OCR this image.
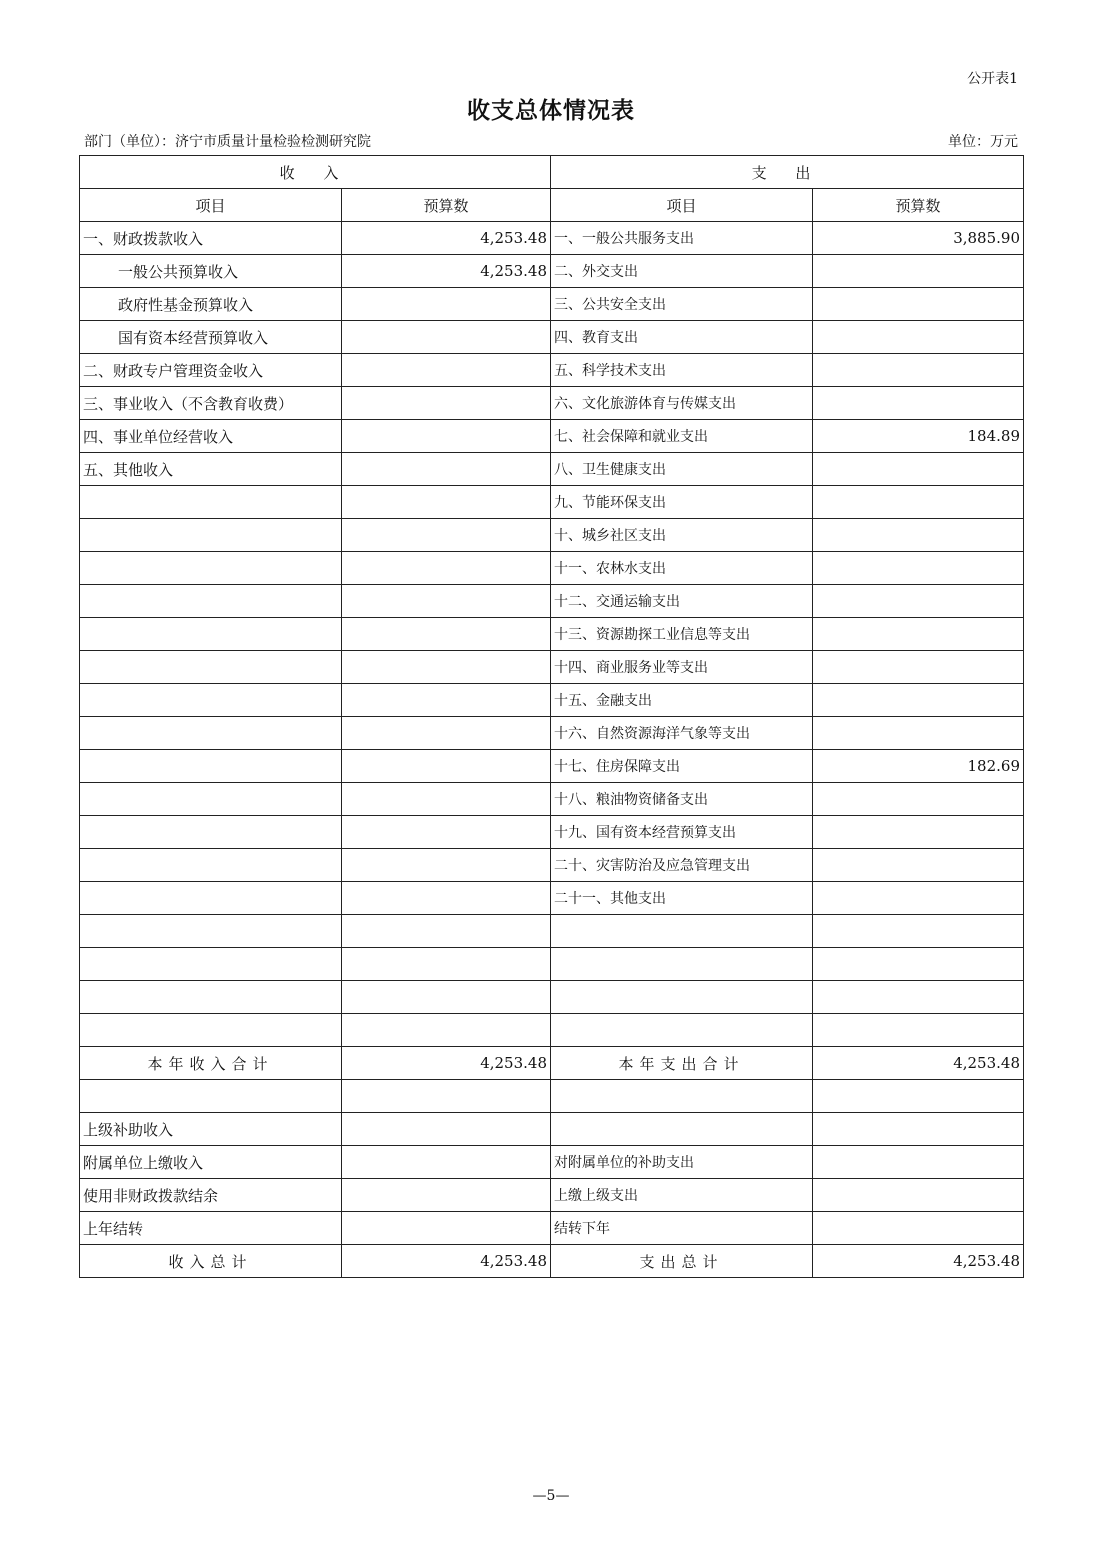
公开表1
收支总体情况表
部门（单位）：济宁市质量计量检验检测研究院	单位：万元
收 入		支 出	
项目	预算数	项目	预算数
一、财政拨款收入	4,253.48	一、一般公共服务支出	3,885.90
一般公共预算收入	4,253.48	二、外交支出	
政府性基金预算收入		三、公共安全支出	
国有资本经营预算收入		四、教育支出	
二、财政专户管理资金收入		五、科学技术支出	
三、事业收入（不含教育收费）		六、文化旅游体育与传媒支出	
四、事业单位经营收入		七、社会保障和就业支出	184.89
五、其他收入		八、卫生健康支出	
		九、节能环保支出	
		十、城乡社区支出	
		十一、农林水支出	
		十二、交通运输支出	
		十三、资源勘探工业信息等支出	
		十四、商业服务业等支出	
		十五、金融支出	
		十六、自然资源海洋气象等支出	
		十七、住房保障支出	182.69
		十八、粮油物资储备支出	
		十九、国有资本经营预算支出	
		二十、灾害防治及应急管理支出	
		二十一、其他支出	

本年收入合计	4,253.48	本年支出合计	4,253.48

上级补助收入			
附属单位上缴收入		对附属单位的补助支出	
使用非财政拨款结余		上缴上级支出	
上年结转		结转下年	
收入总计	4,253.48	支出总计	4,253.48
—5—
